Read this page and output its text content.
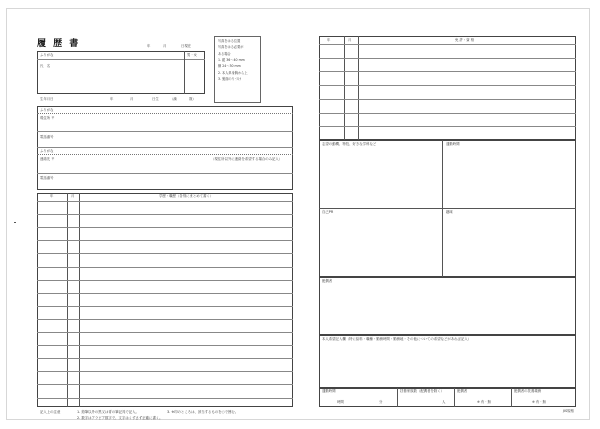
履 歴 書	年	月	日現在
写真をはる位置
写真をはる必要が
ある場合
1. 縦 36～40 mm
横 24～30 mm
2. 本人単身胸から上
3. 裏面のりづけ
ふりがな
氏　名
男 · 女
生年月日	年	月	日生	（満	歳）
ふりがな
現住所 〒
電話番号
ふりがな
連絡先 〒	（現住所以外に連絡を希望する場合のみ記入）
電話番号
年	月	学歴・職歴（各別にまとめて書く）
記入上の注意	1. 鉛筆以外の黒又は青の筆記具で記入。
2. 数字はアラビア数字で、文字はくずさず正確に書く。
3. ※印のところは、該当するものを○で囲む。
年	月	免 許・資 格
志望の動機、特技、好きな学科など	通勤時間
自己PR	趣味
配偶者
本人希望記入欄（特に給料・職種・勤務時間・勤務地・その他についての希望などがあれば記入）
通勤時間
時間	分
扶養家族数（配偶者を除く）
人
配偶者
※ 有 · 無
配偶者の扶養義務
※ 有 · 無
JIS規格
